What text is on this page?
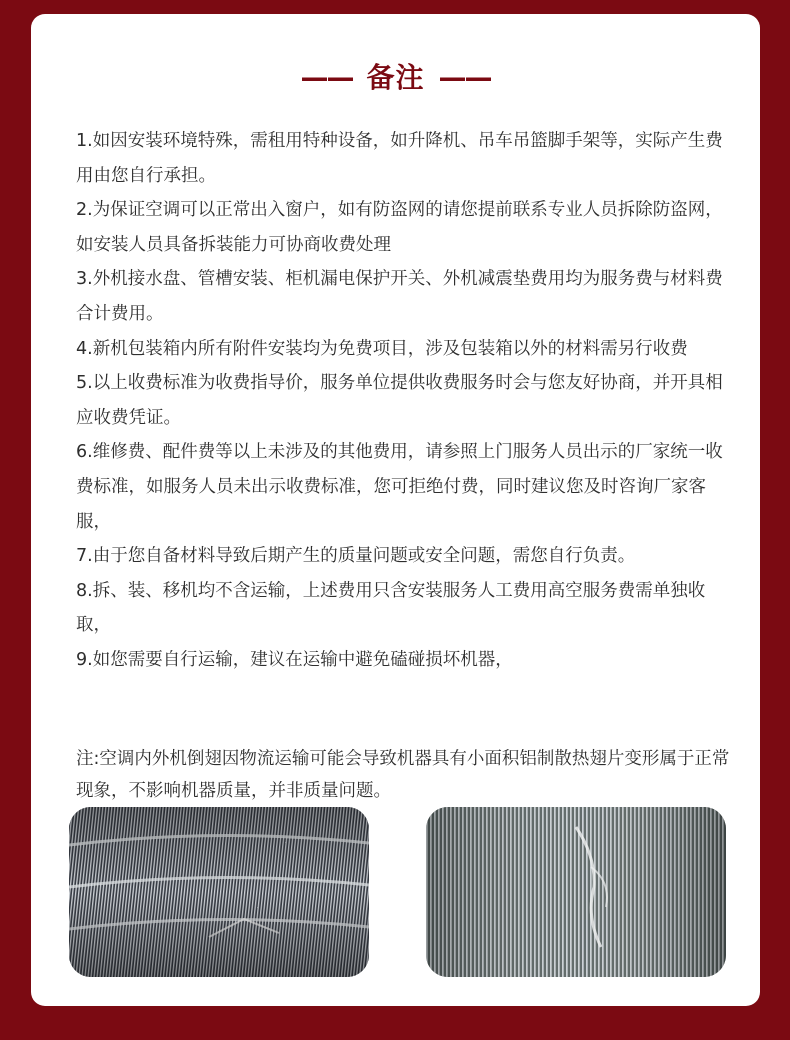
—— 备注 ——

1.如因安装环境特殊，需租用特种设备，如升降机、吊车吊篮脚手架等，实际产生费用由您自行承担。

2.为保证空调可以正常出入窗户，如有防盗网的请您提前联系专业人员拆除防盗网，如安装人员具备拆装能力可协商收费处理

3.外机接水盘、管槽安装、柜机漏电保护开关、外机减震垫费用均为服务费与材料费合计费用。

4.新机包装箱内所有附件安装均为免费项目，涉及包装箱以外的材料需另行收费

5.以上收费标准为收费指导价，服务单位提供收费服务时会与您友好协商，并开具相应收费凭证。

6.维修费、配件费等以上未涉及的其他费用，请参照上门服务人员出示的厂家统一收费标准，如服务人员未出示收费标准，您可拒绝付费，同时建议您及时咨询厂家客服，

7.由于您自备材料导致后期产生的质量问题或安全问题，需您自行负责。

8.拆、装、移机均不含运输，上述费用只含安装服务人工费用高空服务费需单独收取，

9.如您需要自行运输，建议在运输中避免磕碰损坏机器，

注:空调内外机倒翅因物流运输可能会导致机器具有小面积铝制散热翅片变形属于正常现象，不影响机器质量，并非质量问题。
